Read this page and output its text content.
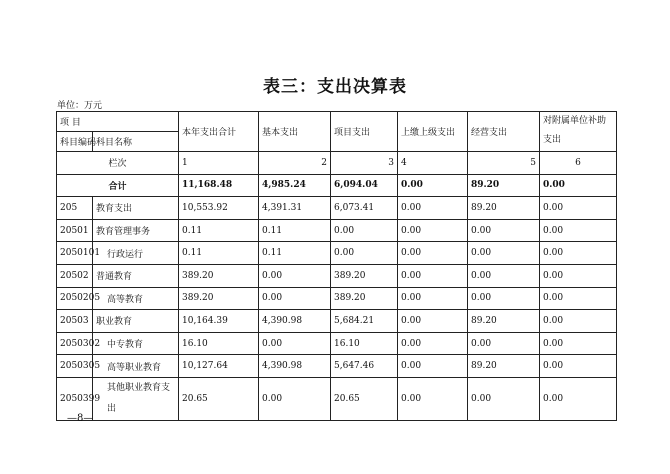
表三：支出决算表
单位：万元
项 目		本年支出合计	基本支出	项目支出	上缴上级支出	经营支出	对附属单位补助支出
科目编码	科目名称						
栏次		1	2	3	4	5	6
合计		11,168.48	4,985.24	6,094.04	0.00	89.20	0.00
205	教育支出	10,553.92	4,391.31	6,073.41	0.00	89.20	0.00
20501	教育管理事务	0.11	0.11	0.00	0.00	0.00	0.00
2050101	行政运行	0.11	0.11	0.00	0.00	0.00	0.00
20502	普通教育	389.20	0.00	389.20	0.00	0.00	0.00
2050205	高等教育	389.20	0.00	389.20	0.00	0.00	0.00
20503	职业教育	10,164.39	4,390.98	5,684.21	0.00	89.20	0.00
2050302	中专教育	16.10	0.00	16.10	0.00	0.00	0.00
2050305	高等职业教育	10,127.64	4,390.98	5,647.46	0.00	89.20	0.00
2050399	其他职业教育支出	20.65	0.00	20.65	0.00	0.00	0.00
—8—
